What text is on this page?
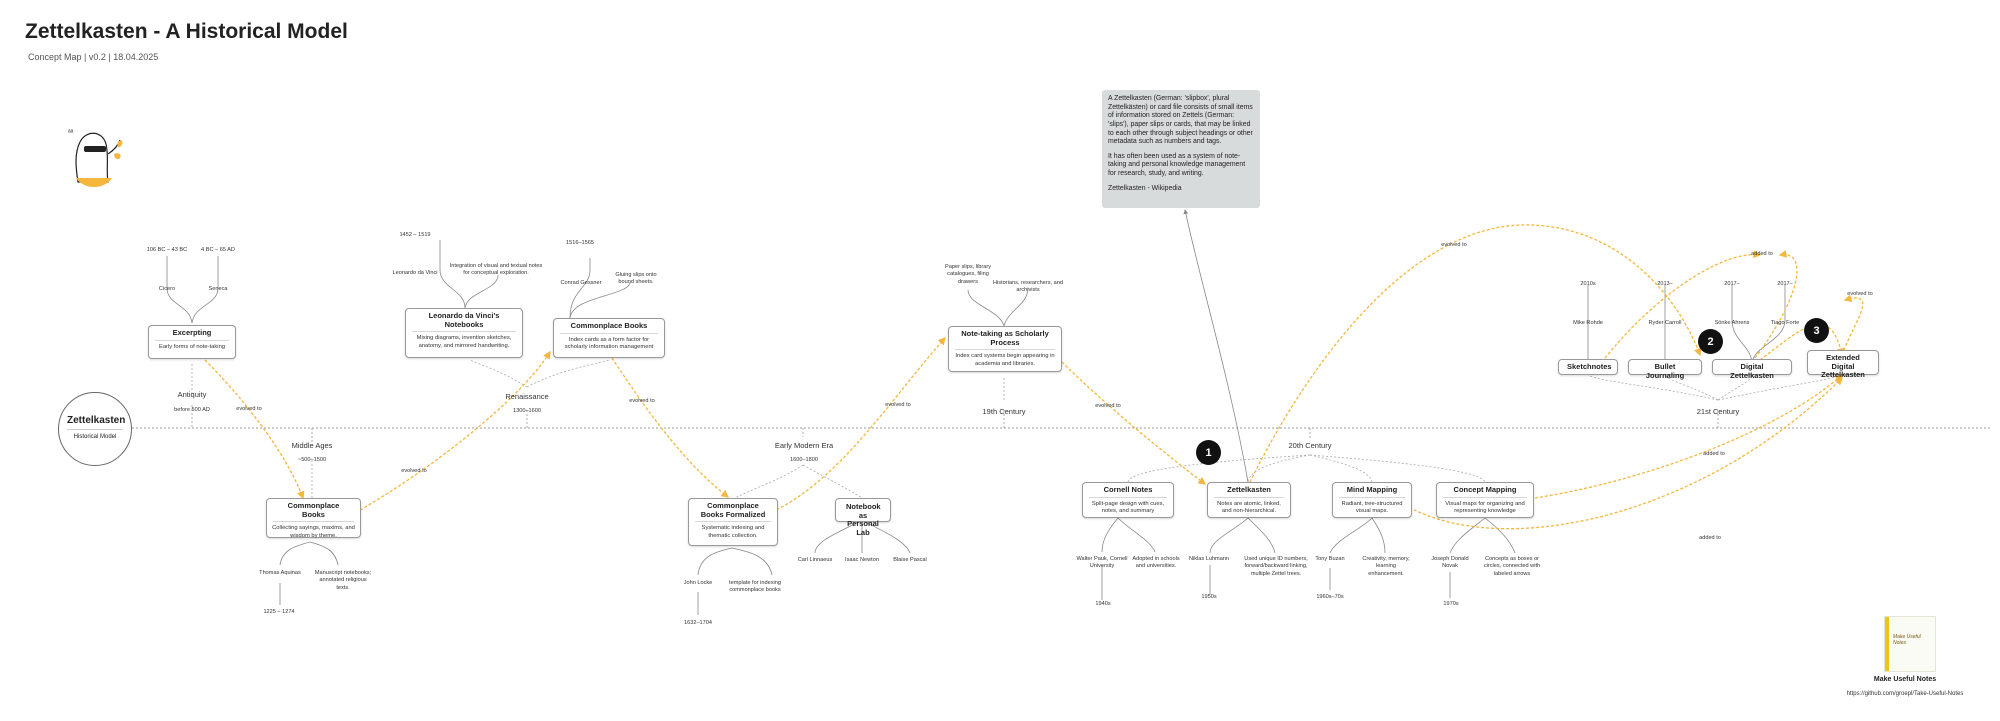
Zettelkasten - A Historical Model
Concept Map | v0.2 | 18.04.2025
Zettelkasten
Historical Model
ᵃᵃ
Antiquity
before 500 AD
Middle Ages
~500–1500
Renaissance
1300–1600
Early Modern Era
1600–1800
19th Century
20th Century
21st Century
Excerpting
Early forms of note-taking
Commonplace Books
Collecting sayings, maxims, and wisdom by theme.
Leonardo da Vinci's Notebooks
Mixing diagrams, invention sketches, anatomy, and mirrored handwriting.
Commonplace Books
Index cards as a form factor for scholarly information management
Commonplace Books Formalized
Systematic indexing and thematic collection.
Notebook as Personal Lab
Note-taking as Scholarly Process
Index card systems begin appearing in academia and libraries.
Cornell Notes
Split-page design with cues, notes, and summary
Zettelkasten
Notes are atomic, linked, and non-hierarchical.
Mind Mapping
Radiant, tree-structured visual maps.
Concept Mapping
Visual maps for organizing and representing knowledge
Sketchnotes	Bullet Journaling
Digital Zettelkasten
Extended Digital Zettelkasten
1
2
3
106 BC – 43 BC	4 BC – 65 AD
Cicero	Seneca
Thomas Aquinas	Manuscript notebooks; annotated religious texts.
1225 – 1274
1452 – 1519
Leonardo da Vinci
Integration of visual and textual notes for conceptual exploration.
1516–1565
Conrad Gessner
Gluing slips onto bound sheets.
John Locke	template for indexing commonplace books
1632–1704
Carl Linnaeus	Isaac Newton	Blaise Pascal
Paper slips, library catalogues, filing drawers	Historians, researchers, and archivists
Walter Pauk, Cornell University
Adopted in schools and universities.
1940s
Niklas Luhmann	Used unique ID numbers, forward/backward linking, multiple Zettel trees.
1950s
Tony Buzan	Creativity, memory, learning enhancement.
1960s–70s
Joseph Donald Novak
Concepts as boxes or circles, connected with labeled arrows
1970s
2010s
Mike Rohde
2013–
Ryder Carroll
2017–
Sönke Ahrens
2017–
Tiago Forte
evolved to
evolved to
evolved to
evolved to	evolved to
evolved to
evolved to
added to
added to
added to

A Zettelkasten (German: 'slipbox', plural Zettelkästen) or card file consists of small items of information stored on Zettels (German: 'slips'), paper slips or cards, that may be linked to each other through subject headings or other metadata such as numbers and tags.

It has often been used as a system of note-taking and personal knowledge management for research, study, and writing.

Zettelkasten - Wikipedia

Make Useful Notes
Make Useful Notes
https://github.com/groepl/Take-Useful-Notes
